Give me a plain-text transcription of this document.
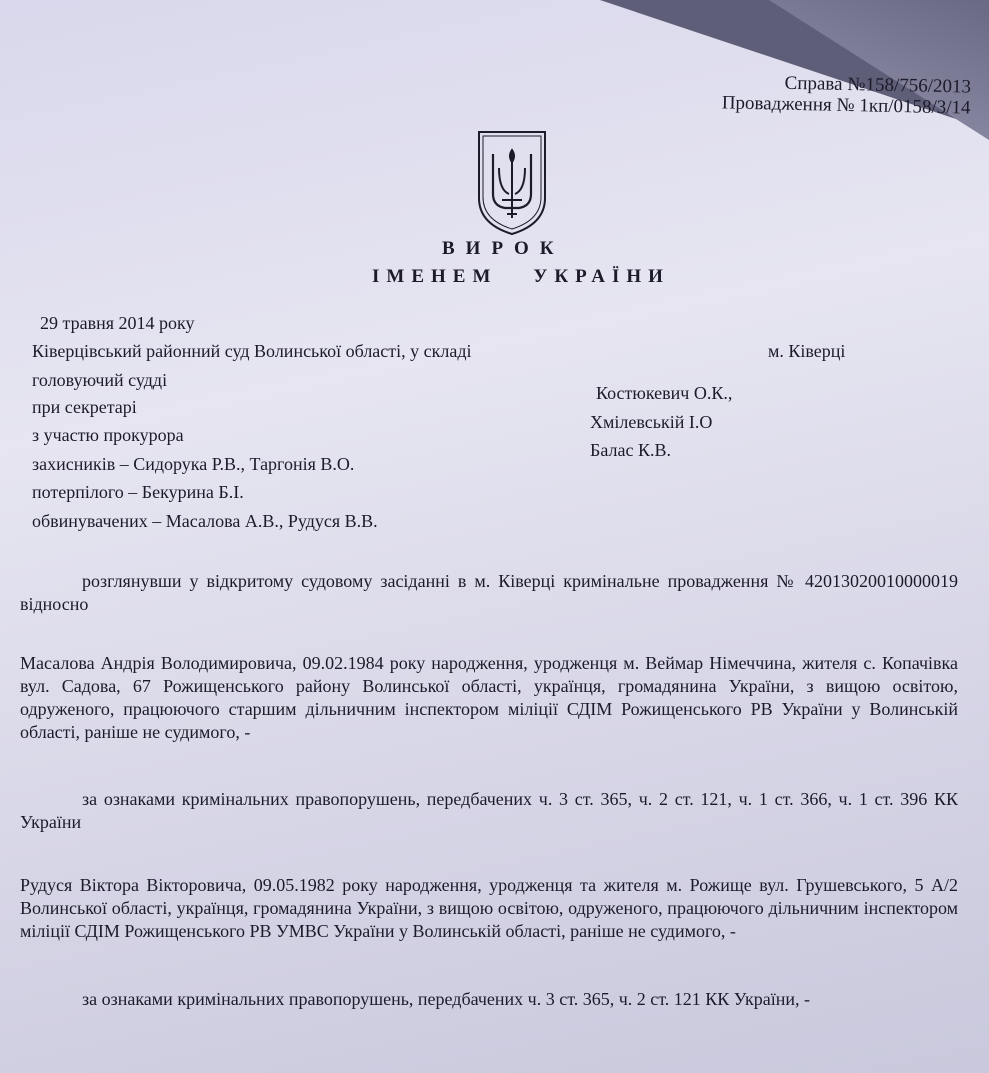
Справа №158/756/2013
Провадження № 1кп/0158/3/14
ВИРОК
ІМЕНЕМ УКРАЇНИ
29 травня 2014 року
Ківерцівський районний суд Волинської області, у складі	м. Ківерці
головуючий судді
Костюкевич О.К.,
при секретарі
Хмілевській І.О
з участю прокурора
Балас К.В.
захисників – Сидорука Р.В., Таргонія В.О.
потерпілого – Бекурина Б.І.
обвинувачених – Масалова А.В., Рудуся В.В.
розглянувши у відкритому судовому засіданні в м. Ківерці кримінальне провадження № 42013020010000019 відносно
Масалова Андрія Володимировича, 09.02.1984 року народження, уродженця м. Веймар Німеччина, жителя с. Копачівка вул. Садова, 67 Рожищенського району Волинської області, українця, громадянина України, з вищою освітою, одруженого, працюючого старшим дільничним інспектором міліції СДІМ Рожищенського РВ України у Волинській області, раніше не судимого, -
за ознаками кримінальних правопорушень, передбачених ч. 3 ст. 365, ч. 2 ст. 121, ч. 1 ст. 366, ч. 1 ст. 396 КК України
Рудуся Віктора Вікторовича, 09.05.1982 року народження, уродженця та жителя м. Рожище вул. Грушевського, 5 А/2 Волинської області, українця, громадянина України, з вищою освітою, одруженого, працюючого дільничним інспектором міліції СДІМ Рожищенського РВ УМВС України у Волинській області, раніше не судимого, -
за ознаками кримінальних правопорушень, передбачених ч. 3 ст. 365, ч. 2 ст. 121 КК України, -
